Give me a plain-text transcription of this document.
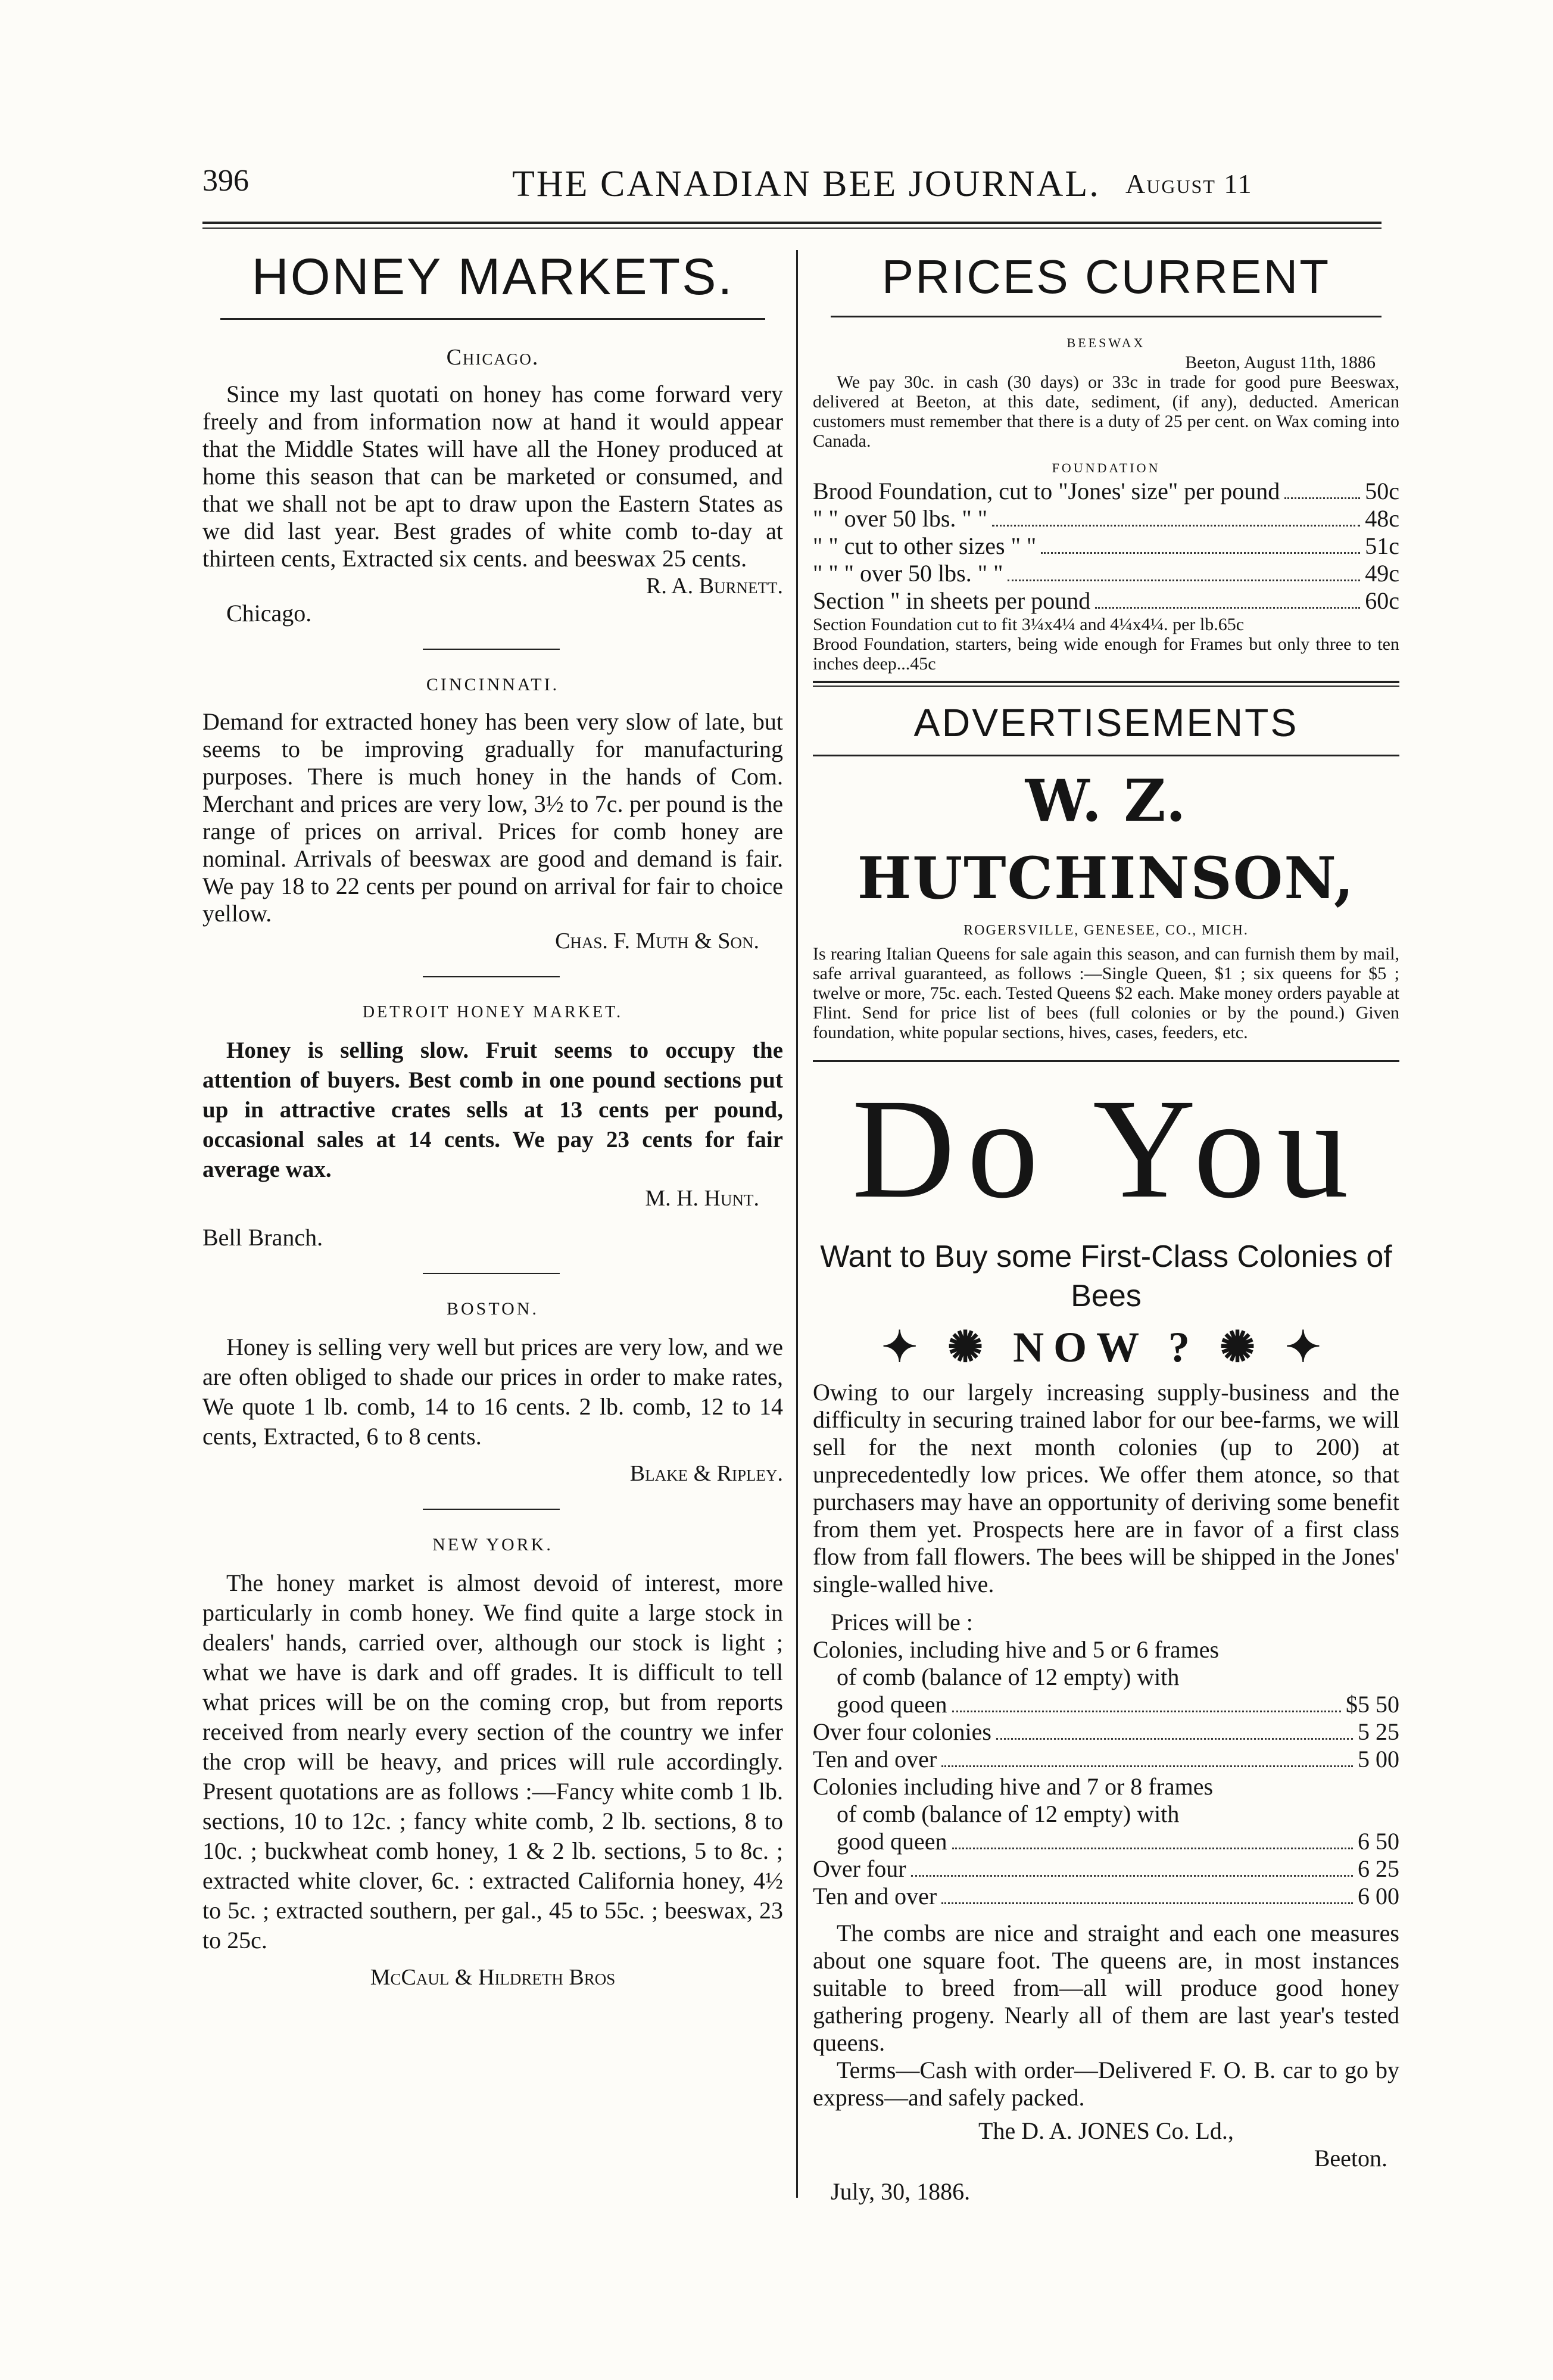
396	THE CANADIAN BEE JOURNAL. August 11
HONEY MARKETS.
Chicago.

Since my last quotati on honey has come forward very freely and from information now at hand it would appear that the Middle States will have all the Honey produced at home this season that can be marketed or consumed, and that we shall not be apt to draw upon the Eastern States as we did last year. Best grades of white comb to-day at thirteen cents, Extracted six cents. and beeswax 25 cents.

R. A. Burnett.
Chicago.
CINCINNATI.

Demand for extracted honey has been very slow of late, but seems to be improving gradually for manufacturing purposes. There is much honey in the hands of Com. Merchant and prices are very low, 3½ to 7c. per pound is the range of prices on arrival. Prices for comb honey are nominal. Arrivals of beeswax are good and demand is fair. We pay 18 to 22 cents per pound on arrival for fair to choice yellow.

Chas. F. Muth & Son.
DETROIT HONEY MARKET.

Honey is selling slow. Fruit seems to occupy the attention of buyers. Best comb in one pound sections put up in attractive crates sells at 13 cents per pound, occasional sales at 14 cents. We pay 23 cents for fair average wax.

M. H. Hunt.
Bell Branch.
BOSTON.

Honey is selling very well but prices are very low, and we are often obliged to shade our prices in order to make rates, We quote 1 lb. comb, 14 to 16 cents. 2 lb. comb, 12 to 14 cents, Extracted, 6 to 8 cents.

Blake & Ripley.
NEW YORK.

The honey market is almost devoid of interest, more particularly in comb honey. We find quite a large stock in dealers' hands, carried over, although our stock is light ; what we have is dark and off grades. It is difficult to tell what prices will be on the coming crop, but from reports received from nearly every section of the country we infer the crop will be heavy, and prices will rule accordingly. Present quotations are as follows :—Fancy white comb 1 lb. sections, 10 to 12c. ; fancy white comb, 2 lb. sections, 8 to 10c. ; buckwheat comb honey, 1 & 2 lb. sections, 5 to 8c. ; extracted white clover, 6c. : extracted California honey, 4½ to 5c. ; extracted southern, per gal., 45 to 55c. ; beeswax, 23 to 25c.

McCaul & Hildreth Bros
PRICES CURRENT
BEESWAX
Beeton, August 11th, 1886

We pay 30c. in cash (30 days) or 33c in trade for good pure Beeswax, delivered at Beeton, at this date, sediment, (if any), deducted. American customers must remember that there is a duty of 25 per cent. on Wax coming into Canada.

FOUNDATION
Brood Foundation, cut to "Jones' size" per pound	50c
" " over 50 lbs. " "	48c
" " cut to other sizes " "	51c
" " " over 50 lbs. " "	49c
Section " in sheets per pound	60c

Section Foundation cut to fit 3¼x4¼ and 4¼x4¼. per lb.65c

Brood Foundation, starters, being wide enough for Frames but only three to ten inches deep...45c

ADVERTISEMENTS
W. Z. HUTCHINSON,
ROGERSVILLE, GENESEE, CO., MICH.

Is rearing Italian Queens for sale again this season, and can furnish them by mail, safe arrival guaranteed, as follows :—Single Queen, $1 ; six queens for $5 ; twelve or more, 75c. each. Tested Queens $2 each. Make money orders payable at Flint. Send for price list of bees (full colonies or by the pound.) Given foundation, white popular sections, hives, cases, feeders, etc.

Do You
Want to Buy some First-Class Colonies of Bees
✦ ✺ NOW ? ✺ ✦

Owing to our largely increasing supply-business and the difficulty in securing trained labor for our bee-farms, we will sell for the next month colonies (up to 200) at unprecedentedly low prices. We offer them atonce, so that purchasers may have an opportunity of deriving some benefit from them yet. Prospects here are in favor of a first class flow from fall flowers. The bees will be shipped in the Jones' single-walled hive.

Prices will be :
Colonies, including hive and 5 or 6 frames
of comb (balance of 12 empty) with
good queen	$5 50
Over four colonies	5 25
Ten and over	5 00
Colonies including hive and 7 or 8 frames
of comb (balance of 12 empty) with
good queen	6 50
Over four	6 25
Ten and over	6 00

The combs are nice and straight and each one measures about one square foot. The queens are, in most instances suitable to breed from—all will produce good honey gathering progeny. Nearly all of them are last year's tested queens.

Terms—Cash with order—Delivered F. O. B. car to go by express—and safely packed.

The D. A. JONES Co. Ld.,
Beeton.
July, 30, 1886.
